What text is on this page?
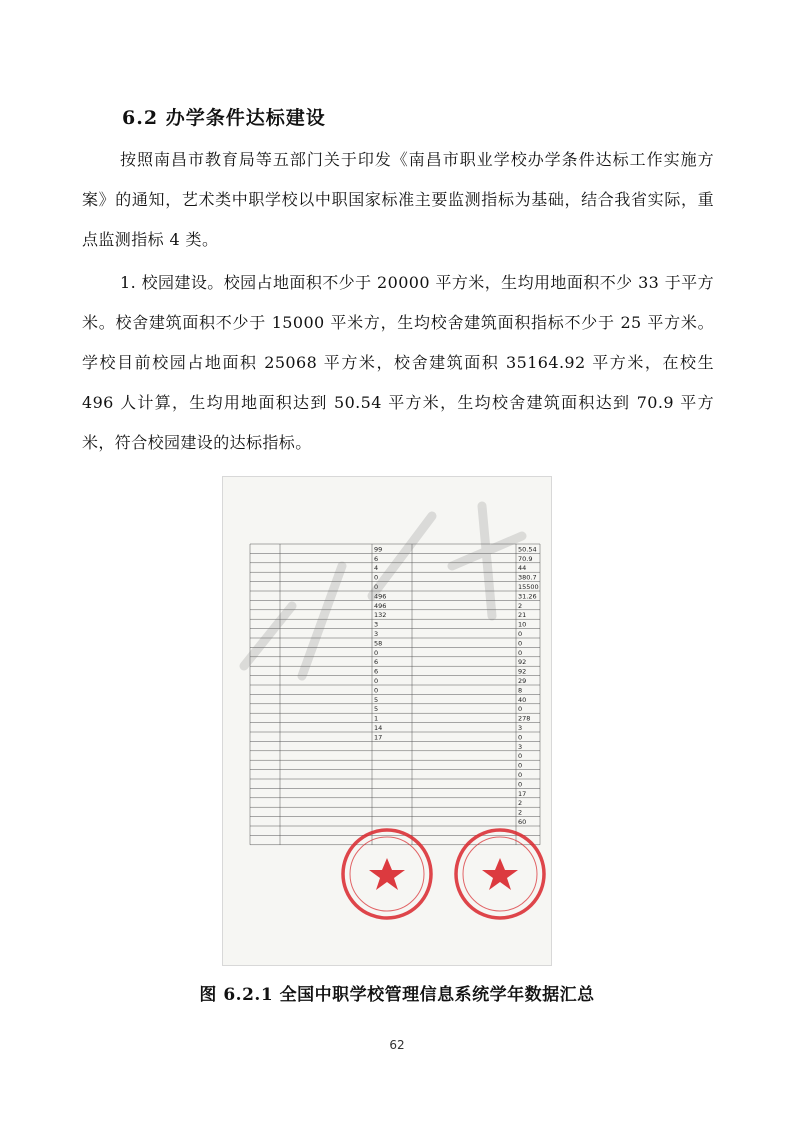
6.2 办学条件达标建设

按照南昌市教育局等五部门关于印发《南昌市职业学校办学条件达标工作实施方案》的通知，艺术类中职学校以中职国家标准主要监测指标为基础，结合我省实际，重点监测指标 4 类。

1. 校园建设。校园占地面积不少于 20000 平方米，生均用地面积不少 33 于平方米。校舍建筑面积不少于 15000 平米方，生均校舍建筑面积指标不少于 25 平方米。学校目前校园占地面积 25068 平方米，校舍建筑面积 35164.92 平方米，在校生 496 人计算，生均用地面积达到 50.54 平方米，生均校舍建筑面积达到 70.9 平方米，符合校园建设的达标指标。

99
6
4
0
0
496
496
132
3
3
58
0
6
6
0
0
5
5
1
14
17
50.54
70.9
44
380.7
15500
31.26
2
21
10
0
0
0
92
92
29
8
40
0
278
3
0
3
0
0
0
0
17
2
2
60

图 6.2.1 全国中职学校管理信息系统学年数据汇总

62
